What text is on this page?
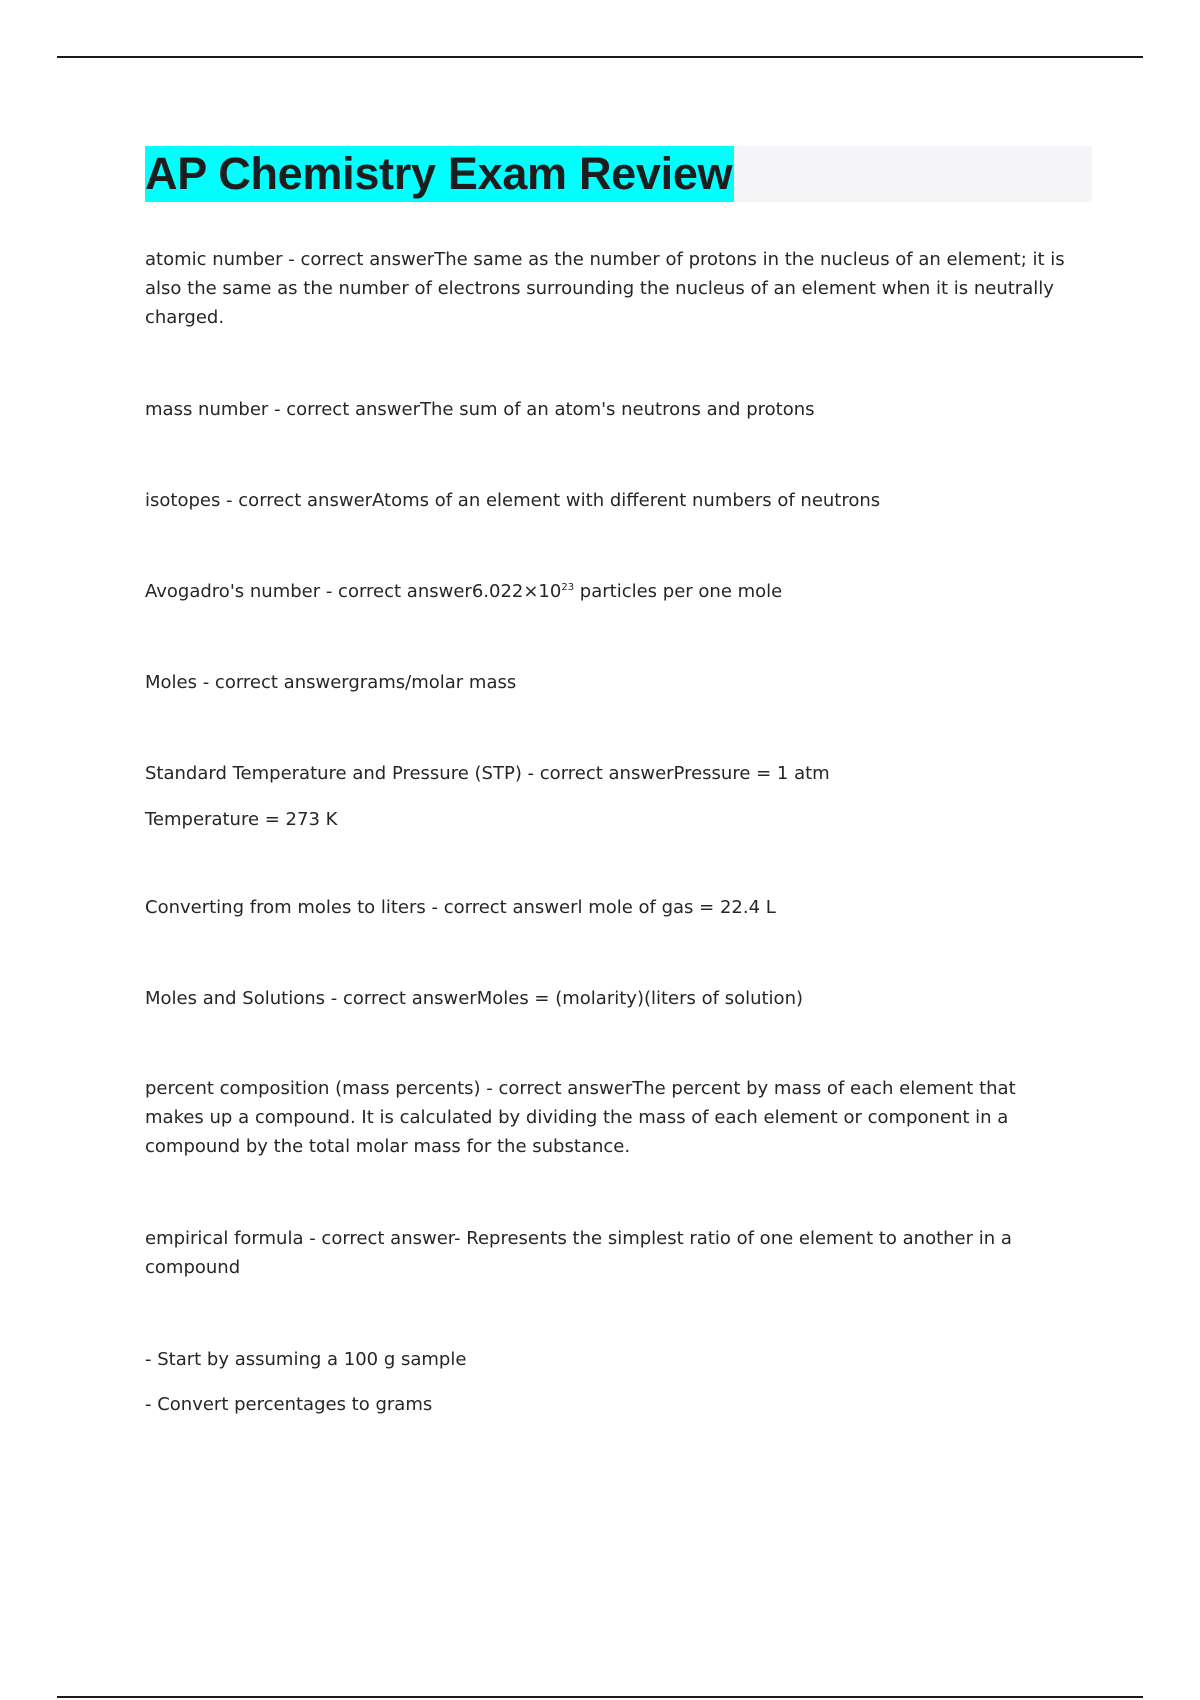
AP Chemistry Exam Review

atomic number - correct answerThe same as the number of protons in the nucleus of an element; it is also the same as the number of electrons surrounding the nucleus of an element when it is neutrally charged.

mass number - correct answerThe sum of an atom's neutrons and protons

isotopes - correct answerAtoms of an element with different numbers of neutrons

Avogadro's number - correct $answer6.022\times 10^{23}$ particles per one mole

Moles - correct answergrams/molar mass

Standard Temperature and Pressure (STP) - correct answerPressure = 1 atm

Temperature = 273 K

Converting from moles to liters - correct answerl mole of gas = 22.4 L

Moles and Solutions - correct answerMoles = (molarity)(liters of solution)

percent composition (mass percents) - correct answerThe percent by mass of each element that makes up a compound. It is calculated by dividing the mass of each element or component in a compound by the total molar mass for the substance.

empirical formula - correct answer- Represents the simplest ratio of one element to another in a compound

- Start by assuming a 100 g sample

- Convert percentages to grams
